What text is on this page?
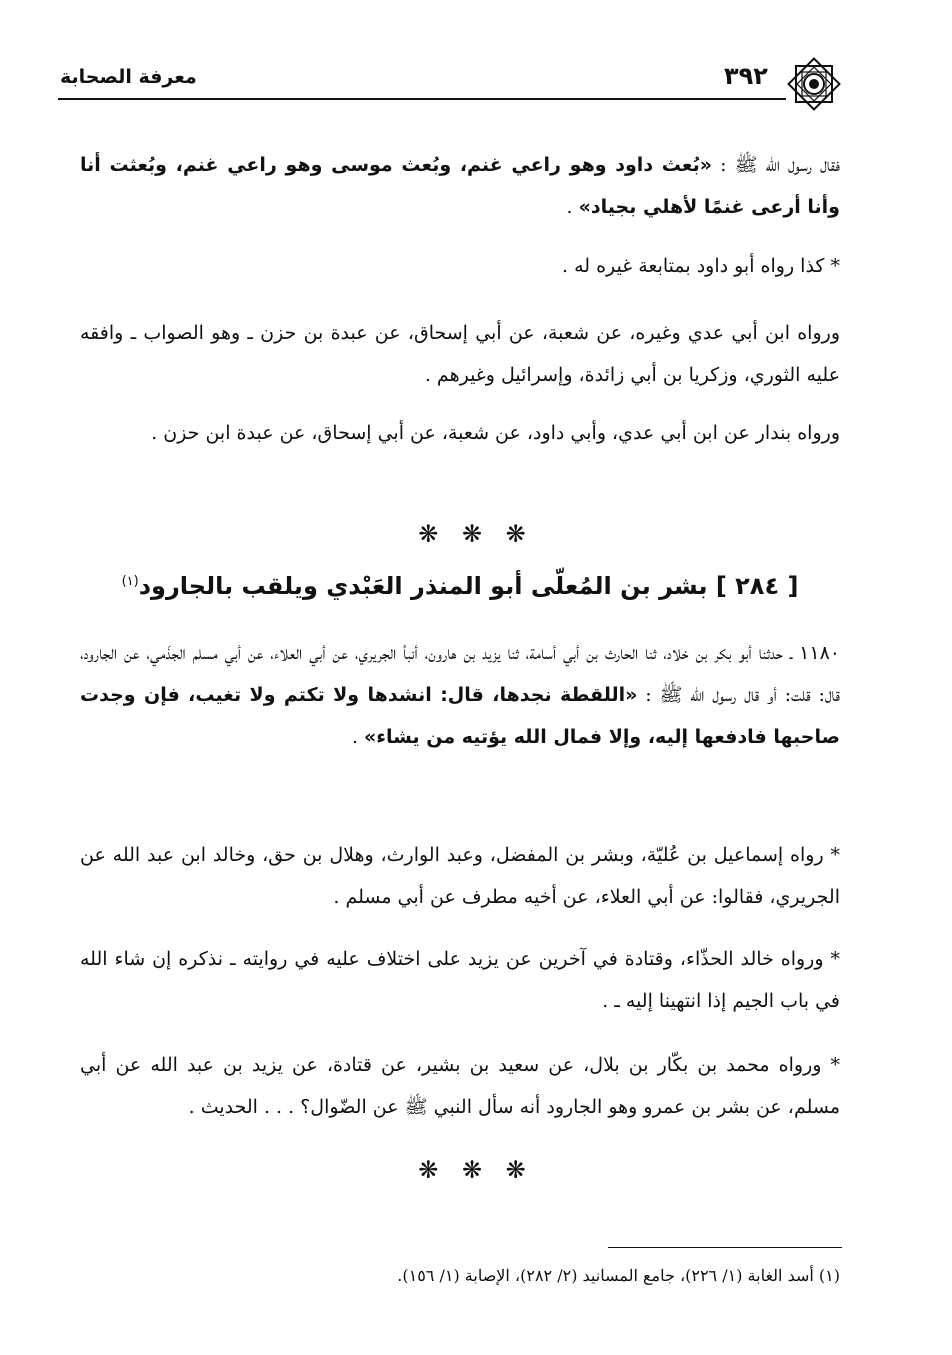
معرفة الصحابة	٣٩٢
فقال رسول الله ﷺ : «بُعث داود وهو راعي غنم، وبُعث موسى وهو راعي غنم، وبُعثت أنا وأنا أرعى غنمًا لأهلي بجياد» .
* كذا رواه أبو داود بمتابعة غيره له .
ورواه ابن أبي عدي وغيره، عن شعبة، عن أبي إسحاق، عن عبدة بن حزن ـ وهو الصواب ـ وافقه عليه الثوري، وزكريا بن أبي زائدة، وإسرائيل وغيرهم .
ورواه بندار عن ابن أبي عدي، وأبي داود، عن شعبة، عن أبي إسحاق، عن عبدة ابن حزن .
❋ ❋ ❋
[ ٢٨٤ ] بشر بن المُعلّى أبو المنذر العَبْدي ويلقب بالجارود$^{(١)}$
١١٨٠ ـ حدثنا أبو بكر بن خلاد، ثنا الحارث بن أبي أسامة، ثنا يزيد بن هارون، أنبأ الجريري، عن أبي العلاء، عن أبي مسلم الجذَمي، عن الجارود، قال: قلت: أو قال رسول الله ﷺ : «اللقطة نجدها، قال: انشدها ولا تكتم ولا تغيب، فإن وجدت صاحبها فادفعها إليه، وإلا فمال الله يؤتيه من يشاء» .
* رواه إسماعيل بن عُليّة، وبشر بن المفضل، وعبد الوارث، وهلال بن حق، وخالد ابن عبد الله عن الجريري، فقالوا: عن أبي العلاء، عن أخيه مطرف عن أبي مسلم .
* ورواه خالد الحذّاء، وقتادة في آخرين عن يزيد على اختلاف عليه في روايته ـ نذكره إن شاء الله في باب الجيم إذا انتهينا إليه ـ .
* ورواه محمد بن بكّار بن بلال، عن سعيد بن بشير، عن قتادة، عن يزيد بن عبد الله عن أبي مسلم، عن بشر بن عمرو وهو الجارود أنه سأل النبي ﷺ عن الضّوال؟ . . . الحديث .
❋ ❋ ❋
(١) أسد الغابة (١/ ٢٢٦)، جامع المسانيد (٢/ ٢٨٢)، الإصابة (١/ ١٥٦).
